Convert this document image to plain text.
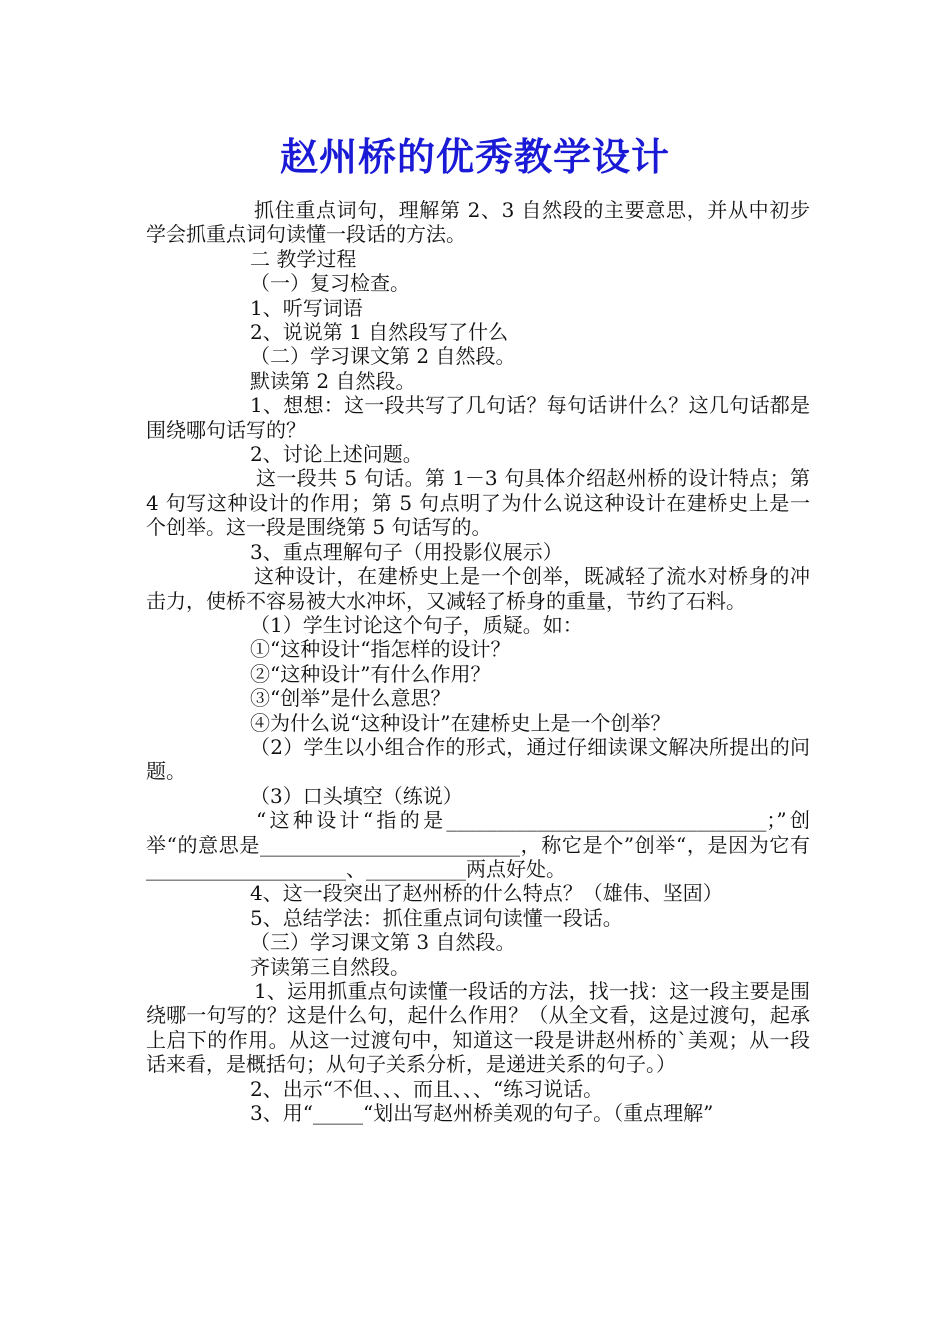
赵州桥的优秀教学设计

抓住重点词句，理解第 2、3 自然段的主要意思，并从中初步学会抓重点词句读懂一段话的方法。

二 教学过程

（一）复习检查。

1、听写词语

2、说说第 1 自然段写了什么

（二）学习课文第 2 自然段。

默读第 2 自然段。

1、想想：这一段共写了几句话？每句话讲什么？这几句话都是围绕哪句话写的？

2、讨论上述问题。

这一段共 5 句话。第 1－3 句具体介绍赵州桥的设计特点；第 4 句写这种设计的作用；第 5 句点明了为什么说这种设计在建桥史上是一个创举。这一段是围绕第 5 句话写的。

3、重点理解句子（用投影仪展示）

这种设计，在建桥史上是一个创举，既减轻了流水对桥身的冲击力，使桥不容易被大水冲坏，又减轻了桥身的重量，节约了石料。

（1）学生讨论这个句子，质疑。如：

①“这种设计“指怎样的设计？

②“这种设计”有什么作用？

③“创举”是什么意思？

④为什么说“这种设计”在建桥史上是一个创举？

（2）学生以小组合作的形式，通过仔细读课文解决所提出的问题。

（3）口头填空（练说）

“这种设计“指的是________________________________；”创举“的意思是__________________________，称它是个”创举“，是因为它有____________________、__________两点好处。

4、这一段突出了赵州桥的什么特点？（雄伟、坚固）

5、总结学法：抓住重点词句读懂一段话。

（三）学习课文第 3 自然段。

齐读第三自然段。

1、运用抓重点句读懂一段话的方法，找一找：这一段主要是围绕哪一句写的？这是什么句，起什么作用？（从全文看，这是过渡句，起承上启下的作用。从这一过渡句中，知道这一段是讲赵州桥的`美观；从一段话来看，是概括句；从句子关系分析，是递进关系的句子。）

2、出示“不但、、、而且、、、“练习说话。

3、用“_____“划出写赵州桥美观的句子。（重点理解”
